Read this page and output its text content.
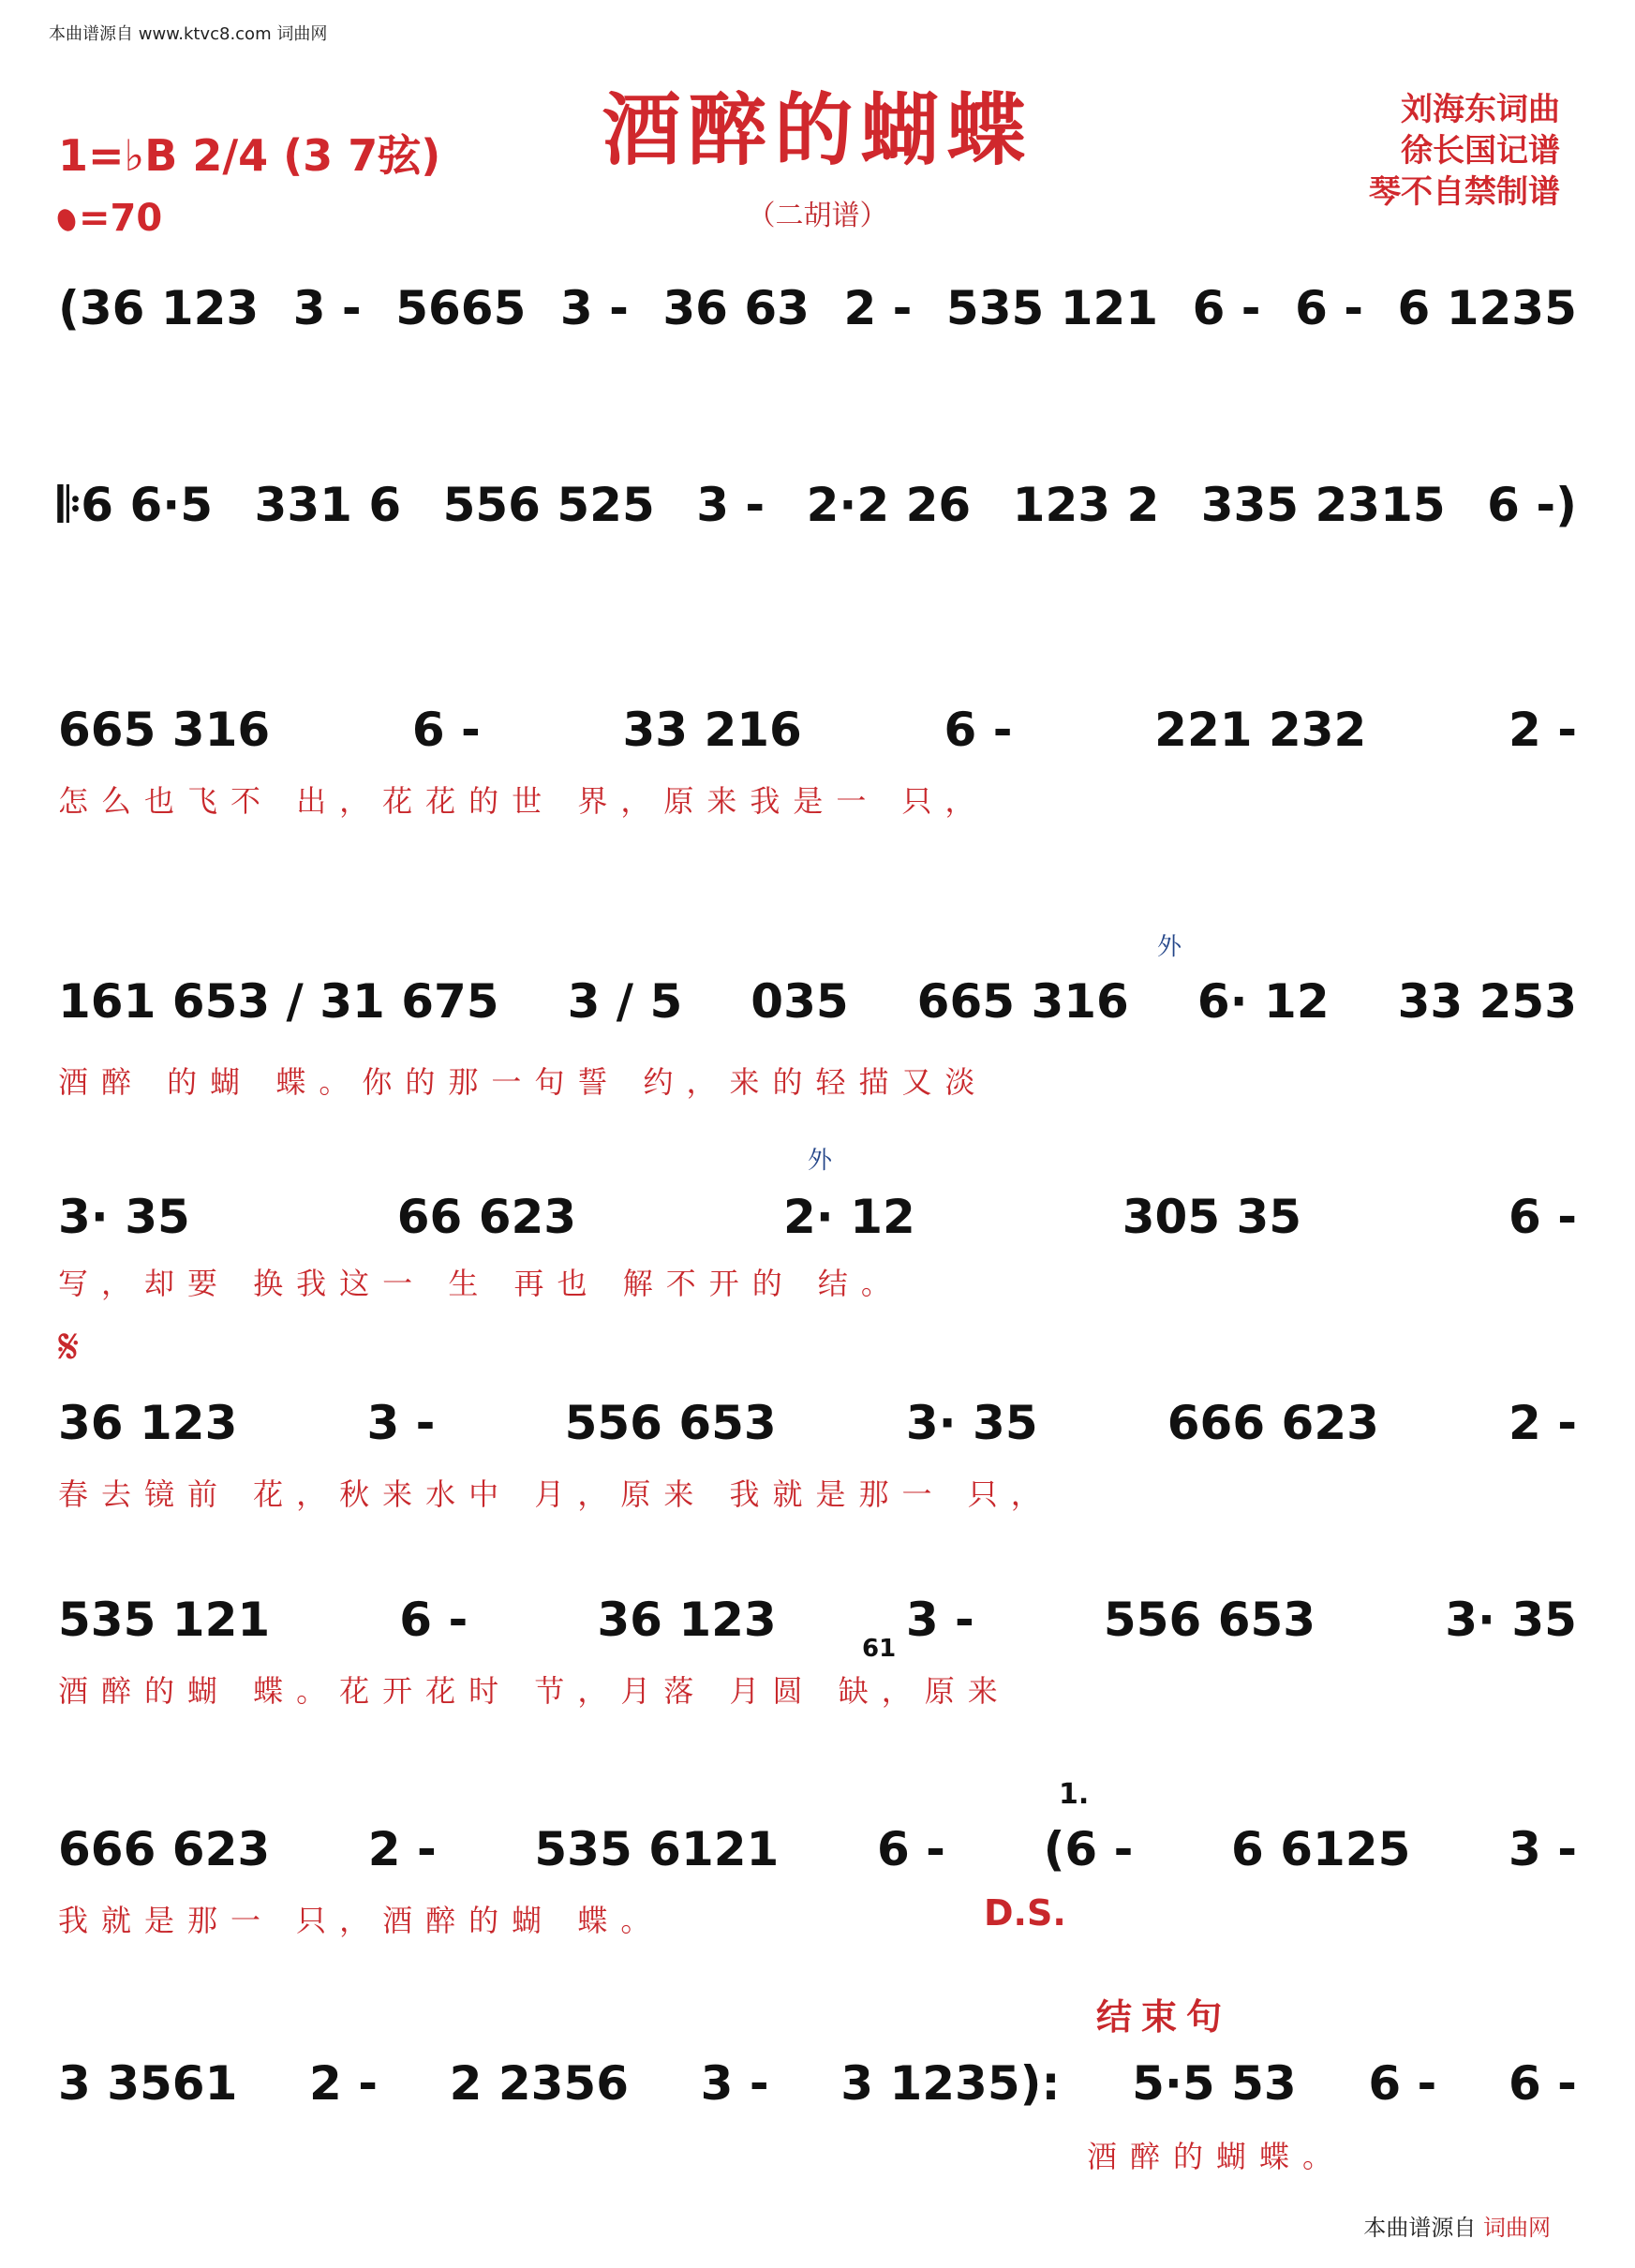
本曲谱源自 www.ktvc8.com 词曲网
酒醉的蝴蝶
（二胡谱）
刘海东词曲
徐长国记谱
琴不自禁制谱
1=♭B 2/4 (3 7弦)
=70
(36 123 3 - 5665 3 - 36 63 2 - 535 121 6 - 6 - 6 1235
𝄆6 6·5 331 6 556 525 3 - 2·2 26 123 2 335 2315 6 -)
665 316	6 -	33 216	6 -	221 232	2 -
怎么也飞不 出，花花的世 界，原来我是一 只，
外
161 653 / 31 675 3 / 5 035 665 316 6· 12 33 253
酒醉 的蝴 蝶。你的那一句誓 约，来的轻描又淡
外
3· 35	66 623	2· 12	305 35	6 -
写，却要 换我这一 生 再也 解不开的 结。
𝄋
36 123	3 -	556 653	3· 35	666 623	2 -
春去镜前 花，秋来水中 月，原来 我就是那一 只，
535 121	6 -	36 123	3 -	556 653	3· 35
酒醉的蝴 蝶。花开花时 节，月落 月圆 缺，原来
1.
666 623 2 - 535 6121 6 - (6 - 6 6125 3 -
我就是那一 只，酒醉的蝴 蝶。	D.S.
结束句
3 3561 2 - 2 2356 3 - 3 1235): 5·5 53 6 - 6 -
酒醉的蝴蝶。
61
本曲谱源自 词曲网
